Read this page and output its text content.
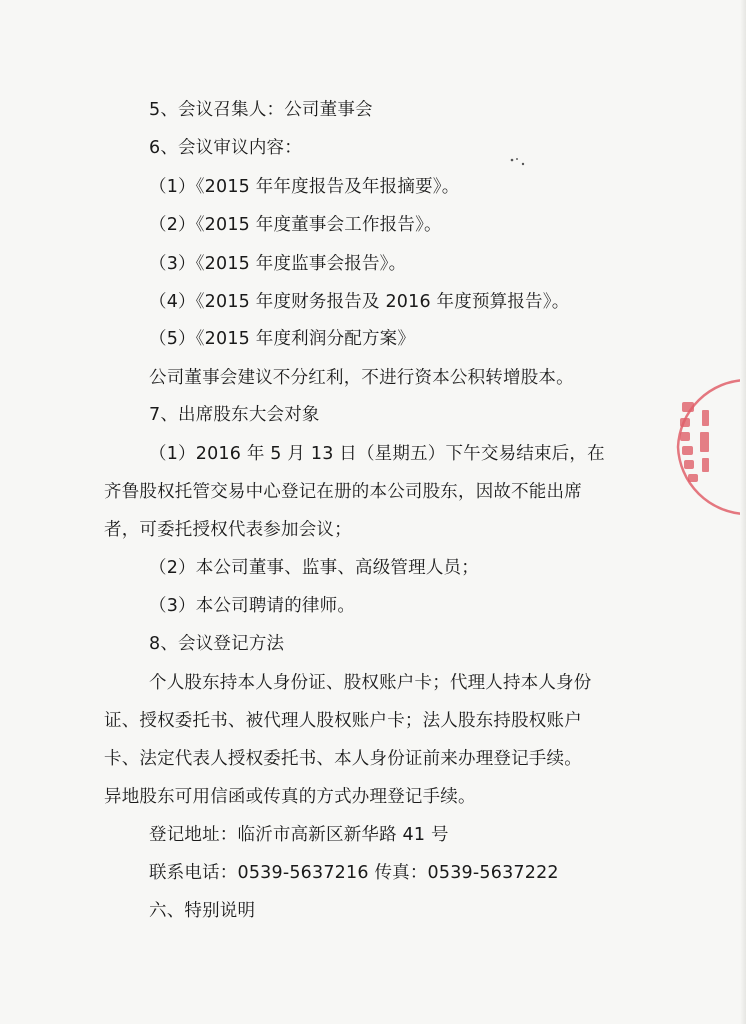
5、会议召集人：公司董事会
6、会议审议内容：
（1）《2015 年年度报告及年报摘要》。
（2）《2015 年度董事会工作报告》。
（3）《2015 年度监事会报告》。
（4）《2015 年度财务报告及 2016 年度预算报告》。
（5）《2015 年度利润分配方案》
公司董事会建议不分红利，不进行资本公积转增股本。
7、出席股东大会对象
（1）2016 年 5 月 13 日（星期五）下午交易结束后，在
齐鲁股权托管交易中心登记在册的本公司股东，因故不能出席
者，可委托授权代表参加会议；
（2）本公司董事、监事、高级管理人员；
（3）本公司聘请的律师。
8、会议登记方法
个人股东持本人身份证、股权账户卡；代理人持本人身份
证、授权委托书、被代理人股权账户卡；法人股东持股权账户
卡、法定代表人授权委托书、本人身份证前来办理登记手续。
异地股东可用信函或传真的方式办理登记手续。
登记地址：临沂市高新区新华路 41 号
联系电话：0539-5637216 传真：0539-5637222
六、特别说明
